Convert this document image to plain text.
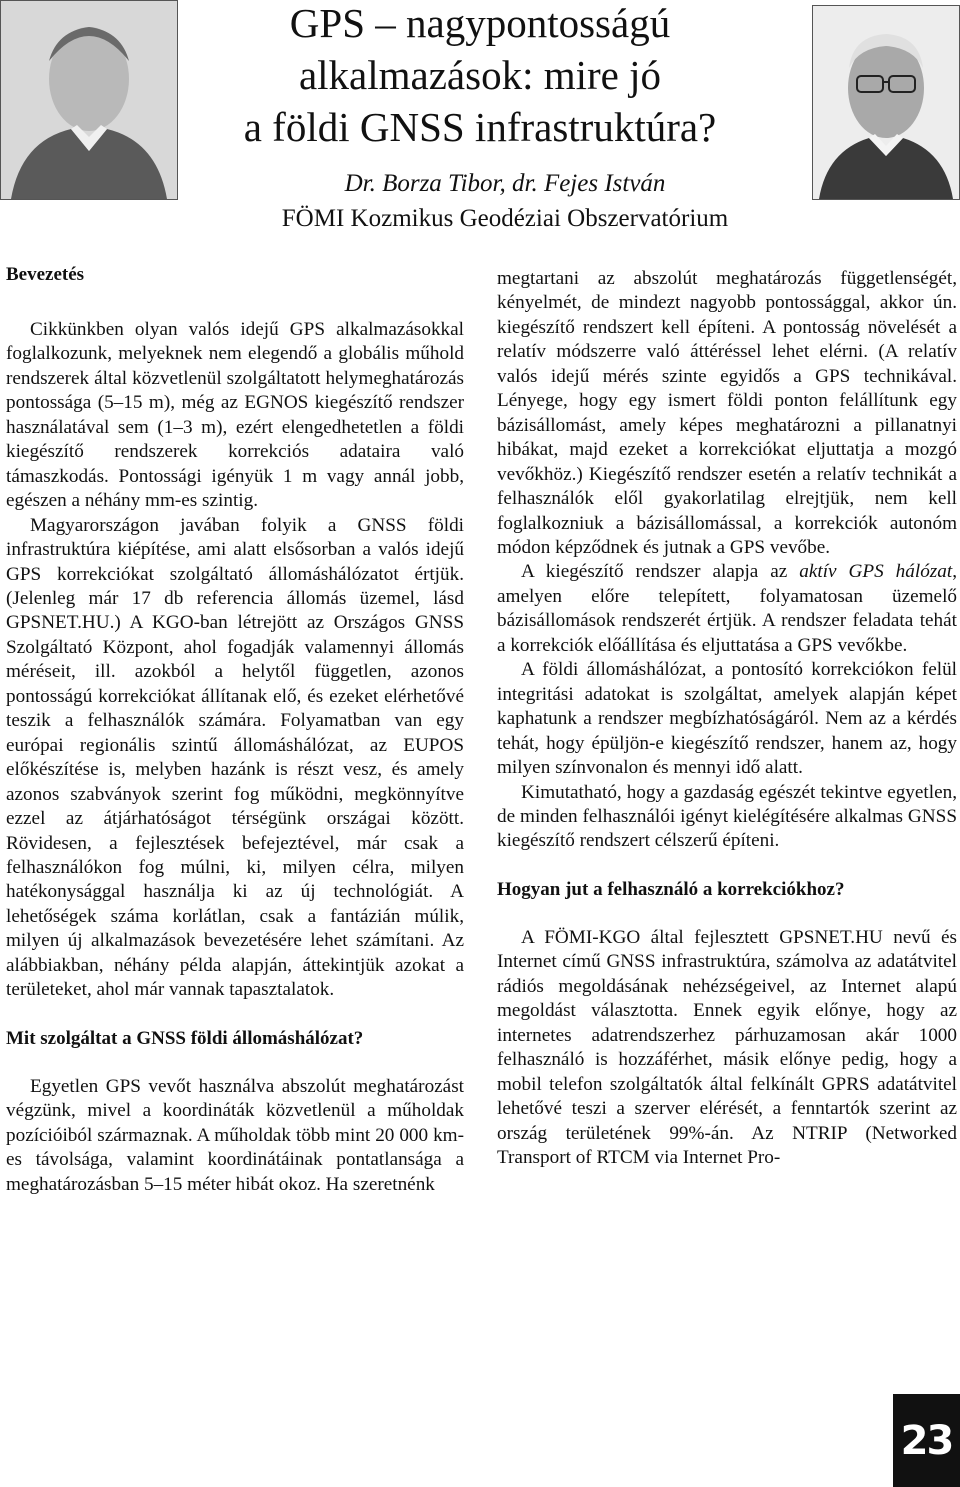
GPS – nagypontosságú
alkalmazások: mire jó
a földi GNSS infrastruktúra?
Dr. Borza Tibor, dr. Fejes István
FÖMI Kozmikus Geodéziai Obszervatórium
Bevezetés

Cikkünkben olyan valós idejű GPS alkalmazásokkal foglalkozunk, melyeknek nem elegendő a globális műhold rendszerek által közvetlenül szolgáltatott helymeghatározás pontossága (5–15 m), még az EGNOS kiegészítő rendszer használatával sem (1–3 m), ezért elengedhetetlen a földi kiegészítő rendszerek korrekciós adataira való támaszkodás. Pontossági igényük 1 m vagy annál jobb, egészen a néhány mm-es szintig.

Magyarországon javában folyik a GNSS földi infrastruktúra kiépítése, ami alatt elsősorban a valós idejű GPS korrekciókat szolgáltató állomáshálózatot értjük. (Jelenleg már 17 db referencia állomás üzemel, lásd GPSNET.HU.) A KGO-ban létrejött az Országos GNSS Szolgáltató Központ, ahol fogadják valamennyi állomás méréseit, ill. azokból a helytől független, azonos pontosságú korrekciókat állítanak elő, és ezeket elérhetővé teszik a felhasználók számára. Folyamatban van egy európai regionális szintű állomáshálózat, az EUPOS előkészítése is, melyben hazánk is részt vesz, és amely azonos szabványok szerint fog működni, megkönnyítve ezzel az átjárhatóságot térségünk országai között. Rövidesen, a fejlesztések befejeztével, már csak a felhasználókon fog múlni, ki, milyen célra, milyen hatékonysággal használja ki az új technológiát. A lehetőségek száma korlátlan, csak a fantázián múlik, milyen új alkalmazások bevezetésére lehet számítani. Az alábbiakban, néhány példa alapján, áttekintjük azokat a területeket, ahol már vannak tapasztalatok.

Mit szolgáltat a GNSS földi állomáshálózat?

Egyetlen GPS vevőt használva abszolút meghatározást végzünk, mivel a koordináták közvetlenül a műholdak pozícióiból származnak. A műholdak több mint 20 000 km-es távolsága, valamint koordinátáinak pontatlansága a meghatározásban 5–15 méter hibát okoz. Ha szeretnénk

megtartani az abszolút meghatározás függetlenségét, kényelmét, de mindezt nagyobb pontossággal, akkor ún. kiegészítő rendszert kell építeni. A pontosság növelését a relatív módszerre való áttéréssel lehet elérni. (A relatív valós idejű mérés szinte egyidős a GPS technikával. Lényege, hogy egy ismert földi ponton felállítunk egy bázisállomást, amely képes meghatározni a pillanatnyi hibákat, majd ezeket a korrekciókat eljuttatja a mozgó vevőkhöz.) Kiegészítő rendszer esetén a relatív technikát a felhasználók elől gyakorlatilag elrejtjük, nem kell foglalkozniuk a bázisállomással, a korrekciók autonóm módon képződnek és jutnak a GPS vevőbe.

A kiegészítő rendszer alapja az aktív GPS hálózat, amelyen előre telepített, folyamatosan üzemelő bázisállomások rendszerét értjük. A rendszer feladata tehát a korrekciók előállítása és eljuttatása a GPS vevőkbe.

A földi állomáshálózat, a pontosító korrekciókon felül integritási adatokat is szolgáltat, amelyek alapján képet kaphatunk a rendszer megbízhatóságáról. Nem az a kérdés tehát, hogy épüljön-e kiegészítő rendszer, hanem az, hogy milyen színvonalon és mennyi idő alatt.

Kimutatható, hogy a gazdaság egészét tekintve egyetlen, de minden felhasználói igényt kielégítésére alkalmas GNSS kiegészítő rendszert célszerű építeni.

Hogyan jut a felhasználó a korrekciókhoz?

A FÖMI-KGO által fejlesztett GPSNET.HU nevű és Internet című GNSS infrastruktúra, számolva az adatátvitel rádiós megoldásának nehézségeivel, az Internet alapú megoldást választotta. Ennek egyik előnye, hogy az internetes adatrendszerhez párhuzamosan akár 1000 felhasználó is hozzáférhet, másik előnye pedig, hogy a mobil telefon szolgáltatók által felkínált GPRS adatátvitel lehetővé teszi a szerver elérését, a fenntartók szerint az ország területének 99%-án. Az NTRIP (Networked Transport of RTCM via Internet Pro-

23
